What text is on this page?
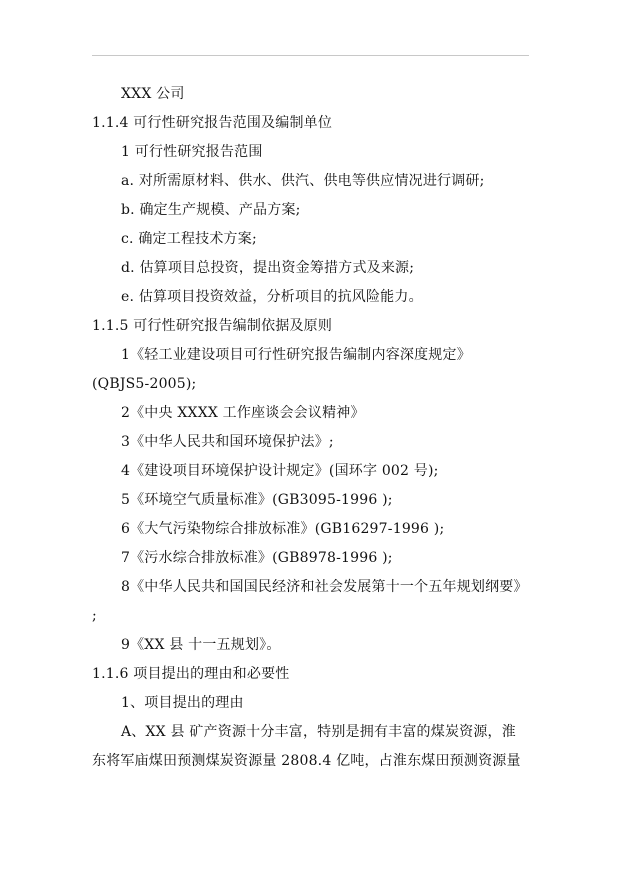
XXX 公司
1.1.4 可行性研究报告范围及编制单位
1 可行性研究报告范围
a. 对所需原材料、供水、供汽、供电等供应情况进行调研;
b. 确定生产规模、产品方案;
c. 确定工程技术方案;
d. 估算项目总投资，提出资金筹措方式及来源;
e. 估算项目投资效益，分析项目的抗风险能力。
1.1.5 可行性研究报告编制依据及原则
1《轻工业建设项目可行性研究报告编制内容深度规定》
(QBJS5-2005);
2《中央 XXXX 工作座谈会会议精神》
3《中华人民共和国环境保护法》;
4《建设项目环境保护设计规定》(国环字 002 号);
5《环境空气质量标准》(GB3095-1996 );
6《大气污染物综合排放标准》(GB16297-1996 );
7《污水综合排放标准》(GB8978-1996 );
8《中华人民共和国国民经济和社会发展第十一个五年规划纲要》
;
9《XX 县 十一五规划》。
1.1.6 项目提出的理由和必要性
1、项目提出的理由
A、XX 县 矿产资源十分丰富，特别是拥有丰富的煤炭资源，淮
东将军庙煤田预测煤炭资源量 2808.4 亿吨，占淮东煤田预测资源量
